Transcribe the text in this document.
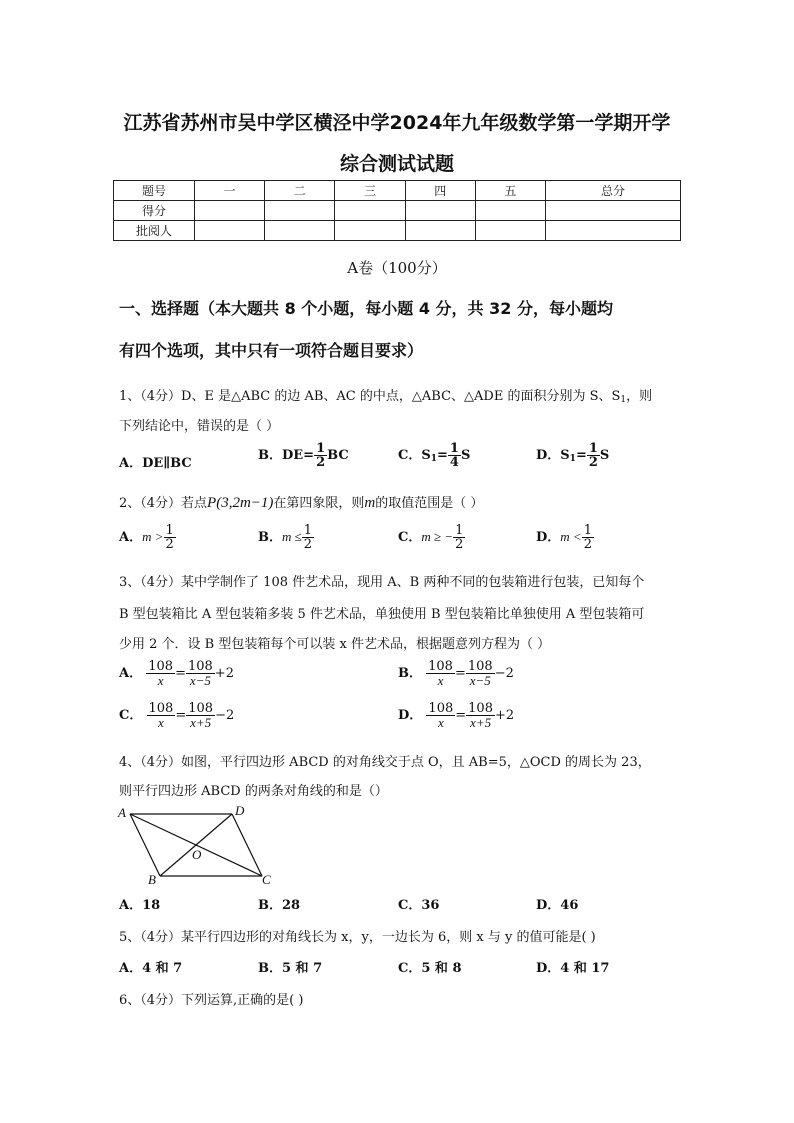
江苏省苏州市吴中学区横泾中学2024年九年级数学第一学期开学
综合测试试题
题号	一	二	三	四	五	总分
得分						
批阅人						
A卷（100分）
一、选择题（本大题共 8 个小题，每小题 4 分，共 32 分，每小题均
有四个选项，其中只有一项符合题目要求）
1、（4分）D、E 是△ABC 的边 AB、AC 的中点，△ABC、△ADE 的面积分别为 S、$S_1$，则
下列结论中，错误的是（ ）
A．DE∥BC
B．$DE= \frac{1}{2}$ BC	C．$S_1= \frac{1}{4}$ S	D．$S_1= \frac{1}{2}$ S
2、（4分）若点P(3,2m−1)在第四象限，则m的取值范围是（ ）
A．$m > \frac{1}{2}$	B．$m \le \frac{1}{2}$	C．m ≥ − $\frac{1}{2}$	D．$m < \frac{1}{2}$
3、（4分）某中学制作了 108 件艺术品，现用 A、B 两种不同的包装箱进行包装，已知每个
B 型包装箱比 A 型包装箱多装 5 件艺术品，单独使用 B 型包装箱比单独使用 A 型包装箱可
少用 2 个．设 B 型包装箱每个可以装 x 件艺术品，根据题意列方程为（ ）
A． $\frac{108}{x} = \frac{108}{x-5} +2$	B． $\frac{108}{x} = \frac{108}{x-5} -2$
C． $\frac{108}{x} = \frac{108}{x+5} -2$	D． $\frac{108}{x} = \frac{108}{x+5} +2$
4、（4分）如图，平行四边形 ABCD 的对角线交于点 O，且 AB=5，△OCD 的周长为 23，
则平行四边形 ABCD 的两条对角线的和是（）
A	D
B	C
O
A．18	B．28	C．36	D．46
5、（4分）某平行四边形的对角线长为 x，y，一边长为 6，则 x 与 y 的值可能是( )
A．4 和 7	B．5 和 7	C．5 和 8	D．4 和 17
6、（4分）下列运算,正确的是( )
